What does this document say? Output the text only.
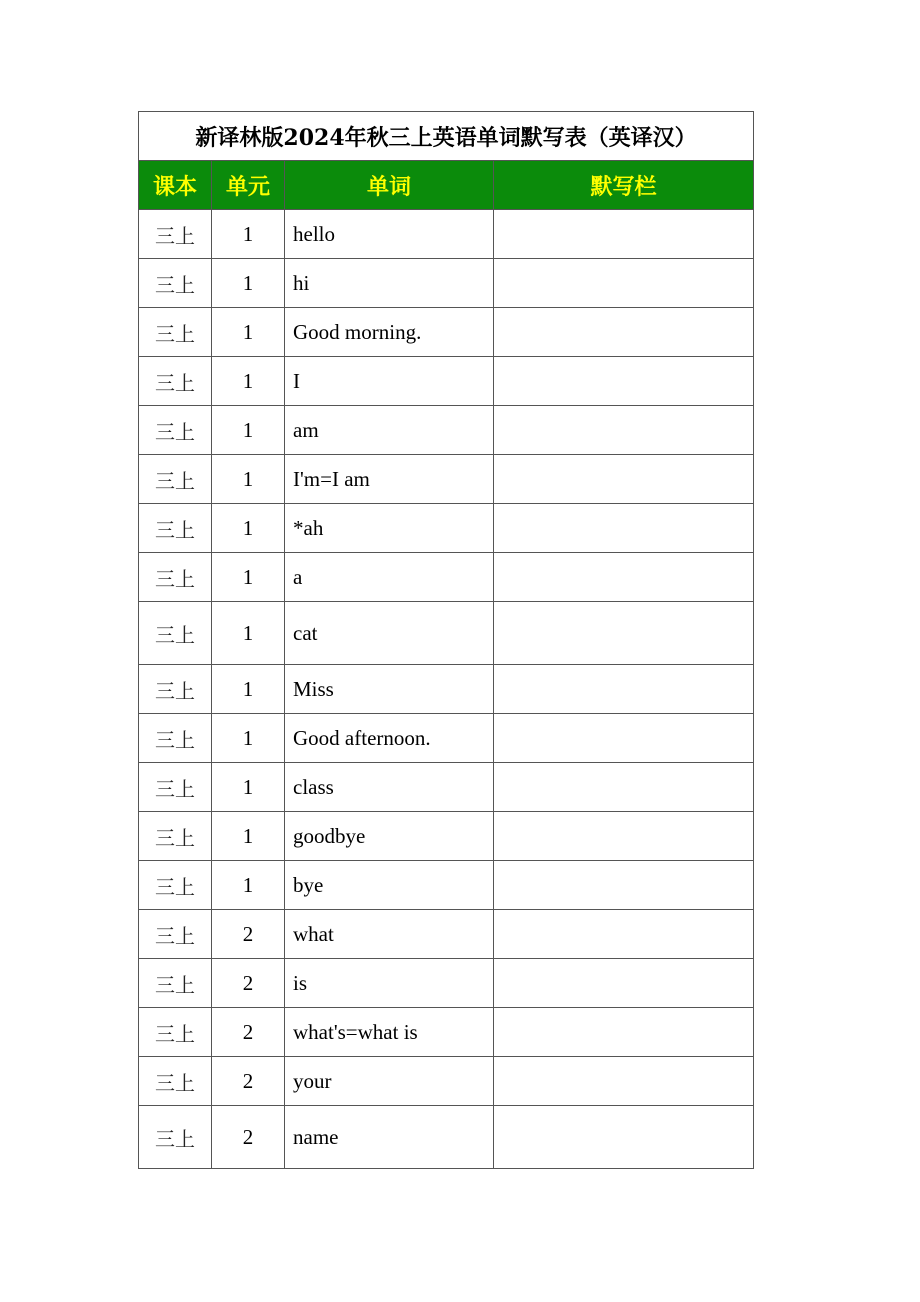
新译林版2024年秋三上英语单词默写表（英译汉）			
课本	单元	单词	默写栏
三上	1	hello	
三上	1	hi	
三上	1	Good morning.	
三上	1	I	
三上	1	am	
三上	1	I'm=I am	
三上	1	*ah	
三上	1	a	
三上	1	cat	
三上	1	Miss	
三上	1	Good afternoon.	
三上	1	class	
三上	1	goodbye	
三上	1	bye	
三上	2	what	
三上	2	is	
三上	2	what's=what is	
三上	2	your	
三上	2	name	
